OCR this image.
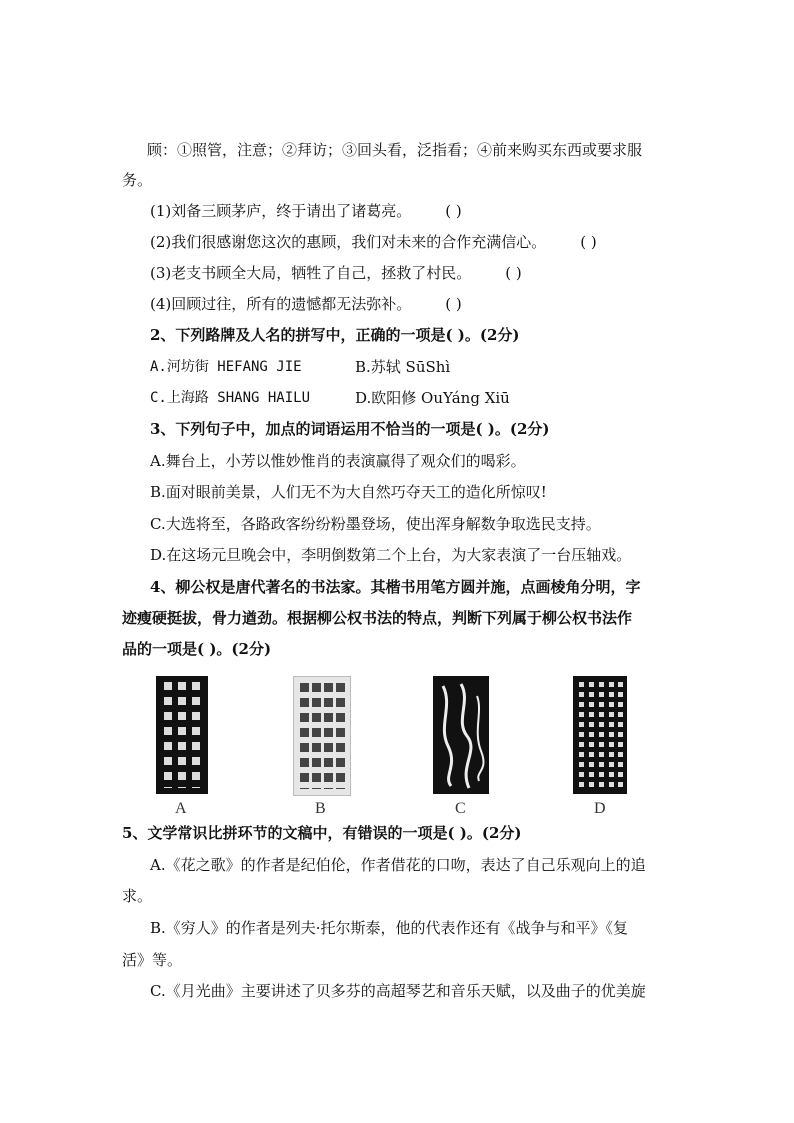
顾：①照管，注意；②拜访；③回头看，泛指看；④前来购买东西或要求服
务。
(1)刘备三顾茅庐，终于请出了诸葛亮。 ( )
(2)我们很感谢您这次的惠顾，我们对未来的合作充满信心。 ( )
(3)老支书顾全大局，牺牲了自己，拯救了村民。 ( )
(4)回顾过往，所有的遗憾都无法弥补。 ( )
2、下列路牌及人名的拼写中，正确的一项是( )。(2分)
A.河坊街 HEFANG JIE	B.苏轼 SūShì
C.上海路 SHANG HAILU	D.欧阳修 OuYáng Xiū
3、下列句子中，加点的词语运用不恰当的一项是( )。(2分)
A.舞台上，小芳以惟妙惟肖的表演赢得了观众们的喝彩。
B.面对眼前美景，人们无不为大自然巧夺天工的造化所惊叹!
C.大选将至，各路政客纷纷粉墨登场，使出浑身解数争取选民支持。
D.在这场元旦晚会中，李明倒数第二个上台，为大家表演了一台压轴戏。
4、柳公权是唐代著名的书法家。其楷书用笔方圆并施，点画棱角分明，字
迹瘦硬挺拔，骨力遒劲。根据柳公权书法的特点，判断下列属于柳公权书法作
品的一项是( )。(2分)
A	B	C	D
5、文学常识比拼环节的文稿中，有错误的一项是( )。(2分)
A.《花之歌》的作者是纪伯伦，作者借花的口吻，表达了自己乐观向上的追
求。
B.《穷人》的作者是列夫·托尔斯泰，他的代表作还有《战争与和平》《复
活》等。
C.《月光曲》主要讲述了贝多芬的高超琴艺和音乐天赋，以及曲子的优美旋
